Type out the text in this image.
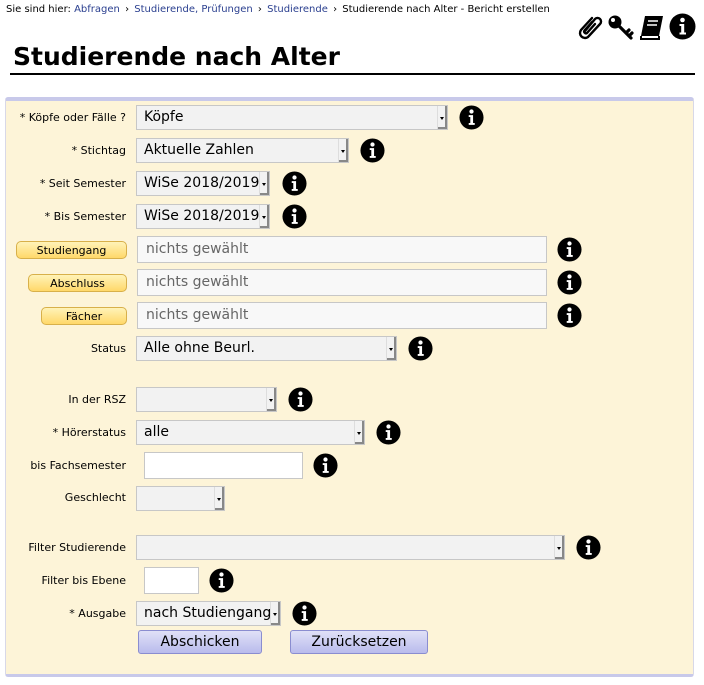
Sie sind hier: Abfragen › Studierende, Prüfungen › Studierende › Studierende nach Alter - Bericht erstellen
Studierende nach Alter
* Köpfe oder Fälle ?	Köpfe
* Stichtag	Aktuelle Zahlen
* Seit Semester	WiSe 2018/2019
* Bis Semester	WiSe 2018/2019
Studiengang	nichts gewählt
Abschluss	nichts gewählt
Fächer	nichts gewählt
Status	Alle ohne Beurl.
In der RSZ
* Hörerstatus	alle
bis Fachsemester
Geschlecht
Filter Studierende
Filter bis Ebene
* Ausgabe	nach Studiengang
Abschicken	Zurücksetzen
